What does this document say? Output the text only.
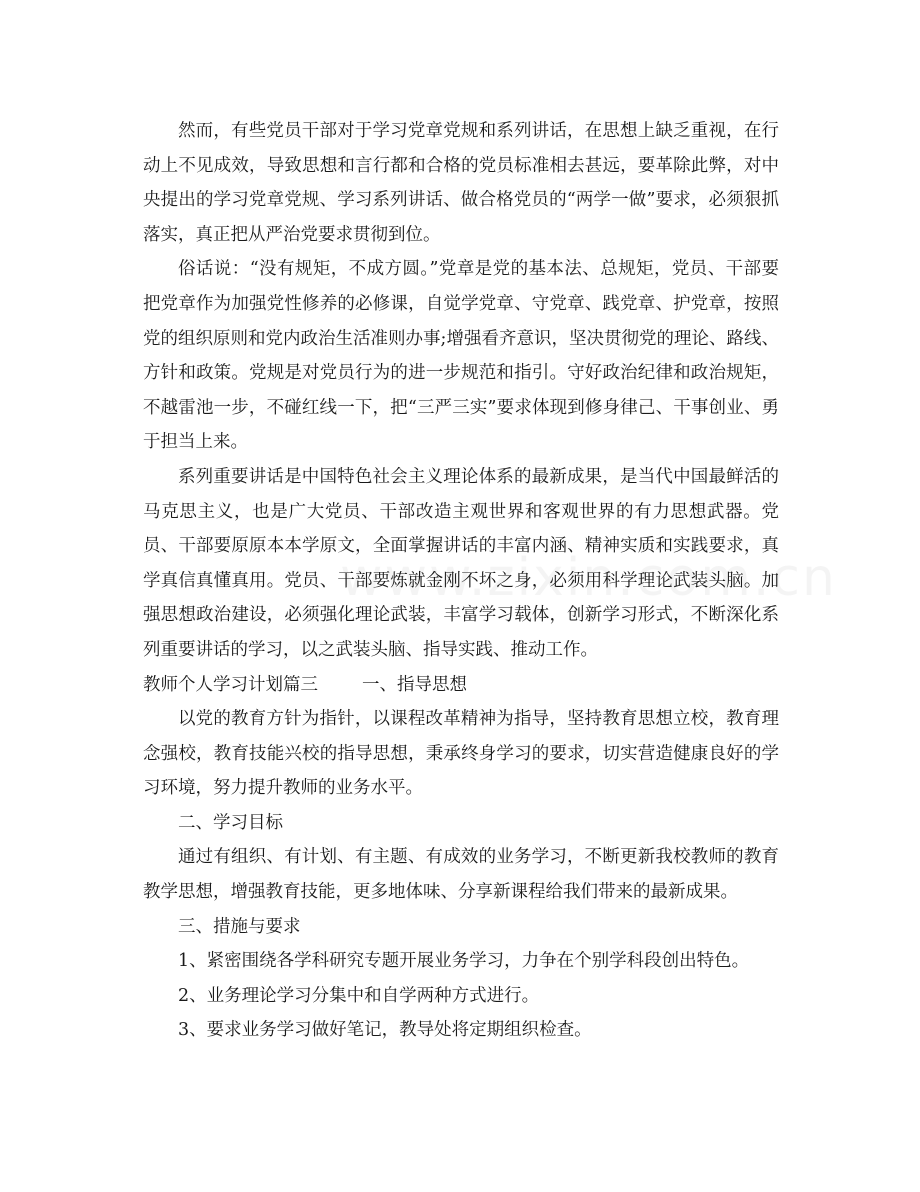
然而，有些党员干部对于学习党章党规和系列讲话，在思想上缺乏重视，在行动上不见成效，导致思想和言行都和合格的党员标准相去甚远，要革除此弊，对中央提出的学习党章党规、学习系列讲话、做合格党员的“两学一做”要求，必须狠抓落实，真正把从严治党要求贯彻到位。

俗话说：“没有规矩，不成方圆。”党章是党的基本法、总规矩，党员、干部要把党章作为加强党性修养的必修课，自觉学党章、守党章、践党章、护党章，按照党的组织原则和党内政治生活准则办事;增强看齐意识，坚决贯彻党的理论、路线、方针和政策。党规是对党员行为的进一步规范和指引。守好政治纪律和政治规矩，不越雷池一步，不碰红线一下，把“三严三实”要求体现到修身律己、干事创业、勇于担当上来。

系列重要讲话是中国特色社会主义理论体系的最新成果，是当代中国最鲜活的马克思主义，也是广大党员、干部改造主观世界和客观世界的有力思想武器。党员、干部要原原本本学原文，全面掌握讲话的丰富内涵、精神实质和实践要求，真学真信真懂真用。党员、干部要炼就金刚不坏之身，必须用科学理论武装头脑。加强思想政治建设，必须强化理论武装，丰富学习载体，创新学习形式，不断深化系列重要讲话的学习，以之武装头脑、指导实践、推动工作。

教师个人学习计划篇三	一、指导思想

以党的教育方针为指针，以课程改革精神为指导，坚持教育思想立校，教育理念强校，教育技能兴校的指导思想，秉承终身学习的要求，切实营造健康良好的学习环境，努力提升教师的业务水平。

二、学习目标

通过有组织、有计划、有主题、有成效的业务学习，不断更新我校教师的教育教学思想，增强教育技能，更多地体味、分享新课程给我们带来的最新成果。

三、措施与要求

1、紧密围绕各学科研究专题开展业务学习，力争在个别学科段创出特色。

2、业务理论学习分集中和自学两种方式进行。

3、要求业务学习做好笔记，教导处将定期组织检查。
